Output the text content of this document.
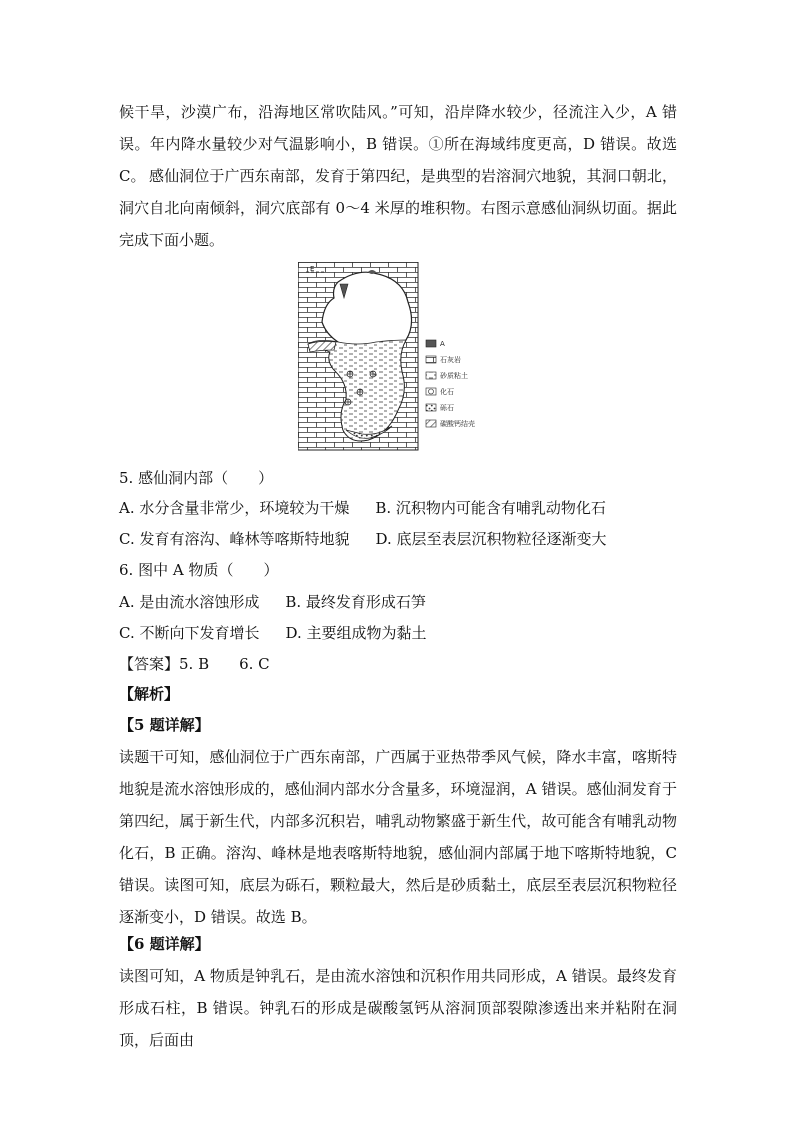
候干旱，沙漠广布，沿海地区常吹陆风。”可知，沿岸降水较少，径流注入少，A 错误。年内降水量较少对气温影响小，B 错误。①所在海域纬度更高，D 错误。故选 C。 感仙洞位于广西东南部，发育于第四纪，是典型的岩溶洞穴地貌，其洞口朝北，洞穴自北向南倾斜，洞穴底部有 0～4 米厚的堆积物。右图示意感仙洞纵切面。据此完成下面小题。

E
A
石灰岩
砂质粘土
化石
砾石
碳酸钙结壳

5. 感仙洞内部（　　）

A. 水分含量非常少，环境较为干燥 B. 沉积物内可能含有哺乳动物化石

C. 发育有溶沟、峰林等喀斯特地貌 D. 底层至表层沉积物粒径逐渐变大

6. 图中 A 物质（　　）

A. 是由流水溶蚀形成 B. 最终发育形成石笋

C. 不断向下发育增长 D. 主要组成物为黏土

【答案】5. B　　6. C

【解析】

【5 题详解】

读题干可知，感仙洞位于广西东南部，广西属于亚热带季风气候，降水丰富，喀斯特地貌是流水溶蚀形成的，感仙洞内部水分含量多，环境湿润，A 错误。感仙洞发育于第四纪，属于新生代，内部多沉积岩，哺乳动物繁盛于新生代，故可能含有哺乳动物化石，B 正确。溶沟、峰林是地表喀斯特地貌，感仙洞内部属于地下喀斯特地貌，C 错误。读图可知，底层为砾石，颗粒最大，然后是砂质黏土，底层至表层沉积物粒径逐渐变小，D 错误。故选 B。

【6 题详解】

读图可知，A 物质是钟乳石，是由流水溶蚀和沉积作用共同形成，A 错误。最终发育形成石柱，B 错误。钟乳石的形成是碳酸氢钙从溶洞顶部裂隙渗透出来并粘附在洞顶，后面由
